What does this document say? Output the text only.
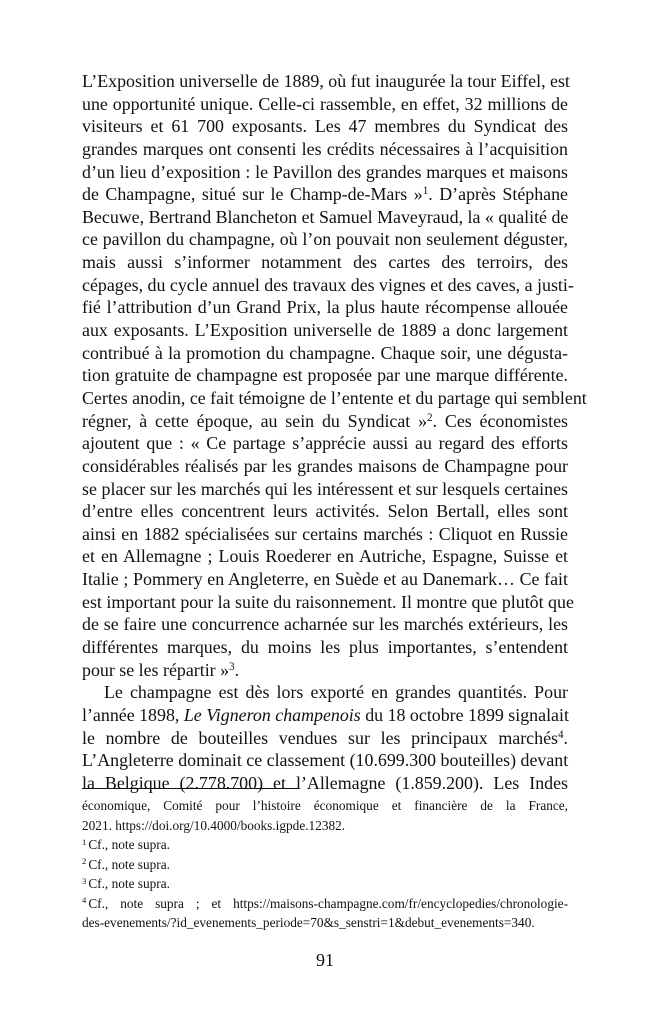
L’Exposition universelle de 1889, où fut inaugurée la tour Eiffel, est
une opportunité unique. Celle-ci rassemble, en effet, 32 millions de
visiteurs et 61 700 exposants. Les 47 membres du Syndicat des
grandes marques ont consenti les crédits nécessaires à l’acquisition
d’un lieu d’exposition : le Pavillon des grandes marques et maisons
de Champagne, situé sur le Champ-de-Mars »$^1$. D’après Stéphane
Becuwe, Bertrand Blancheton et Samuel Maveyraud, la « qualité de
ce pavillon du champagne, où l’on pouvait non seulement déguster,
mais aussi s’informer notamment des cartes des terroirs, des
cépages, du cycle annuel des travaux des vignes et des caves, a justi-
fié l’attribution d’un Grand Prix, la plus haute récompense allouée
aux exposants. L’Exposition universelle de 1889 a donc largement
contribué à la promotion du champagne. Chaque soir, une dégusta-
tion gratuite de champagne est proposée par une marque différente.
Certes anodin, ce fait témoigne de l’entente et du partage qui semblent
régner, à cette époque, au sein du Syndicat »$^2$. Ces économistes
ajoutent que : « Ce partage s’apprécie aussi au regard des efforts
considérables réalisés par les grandes maisons de Champagne pour
se placer sur les marchés qui les intéressent et sur lesquels certaines
d’entre elles concentrent leurs activités. Selon Bertall, elles sont
ainsi en 1882 spécialisées sur certains marchés : Cliquot en Russie
et en Allemagne ; Louis Roederer en Autriche, Espagne, Suisse et
Italie ; Pommery en Angleterre, en Suède et au Danemark… Ce fait
est important pour la suite du raisonnement. Il montre que plutôt que
de se faire une concurrence acharnée sur les marchés extérieurs, les
différentes marques, du moins les plus importantes, s’entendent
pour se les répartir »$^3$.
Le champagne est dès lors exporté en grandes quantités. Pour
l’année 1898, Le Vigneron champenois du 18 octobre 1899 signalait
le nombre de bouteilles vendues sur les principaux marchés$^4$.
L’Angleterre dominait ce classement (10.699.300 bouteilles) devant
la Belgique (2.778.700) et l’Allemagne (1.859.200). Les Indes
économique, Comité pour l’histoire économique et financière de la France,
2021. https://doi.org/10.4000/books.igpde.12382.
$^1$ Cf., note supra.
$^2$ Cf., note supra.
$^3$ Cf., note supra.
$^4$ Cf., note supra ; et https://maisons-champagne.com/fr/encyclopedies/chronologie-
des-evenements/?id_evenements_periode=70&s_senstri=1&debut_evenements=340.
91
